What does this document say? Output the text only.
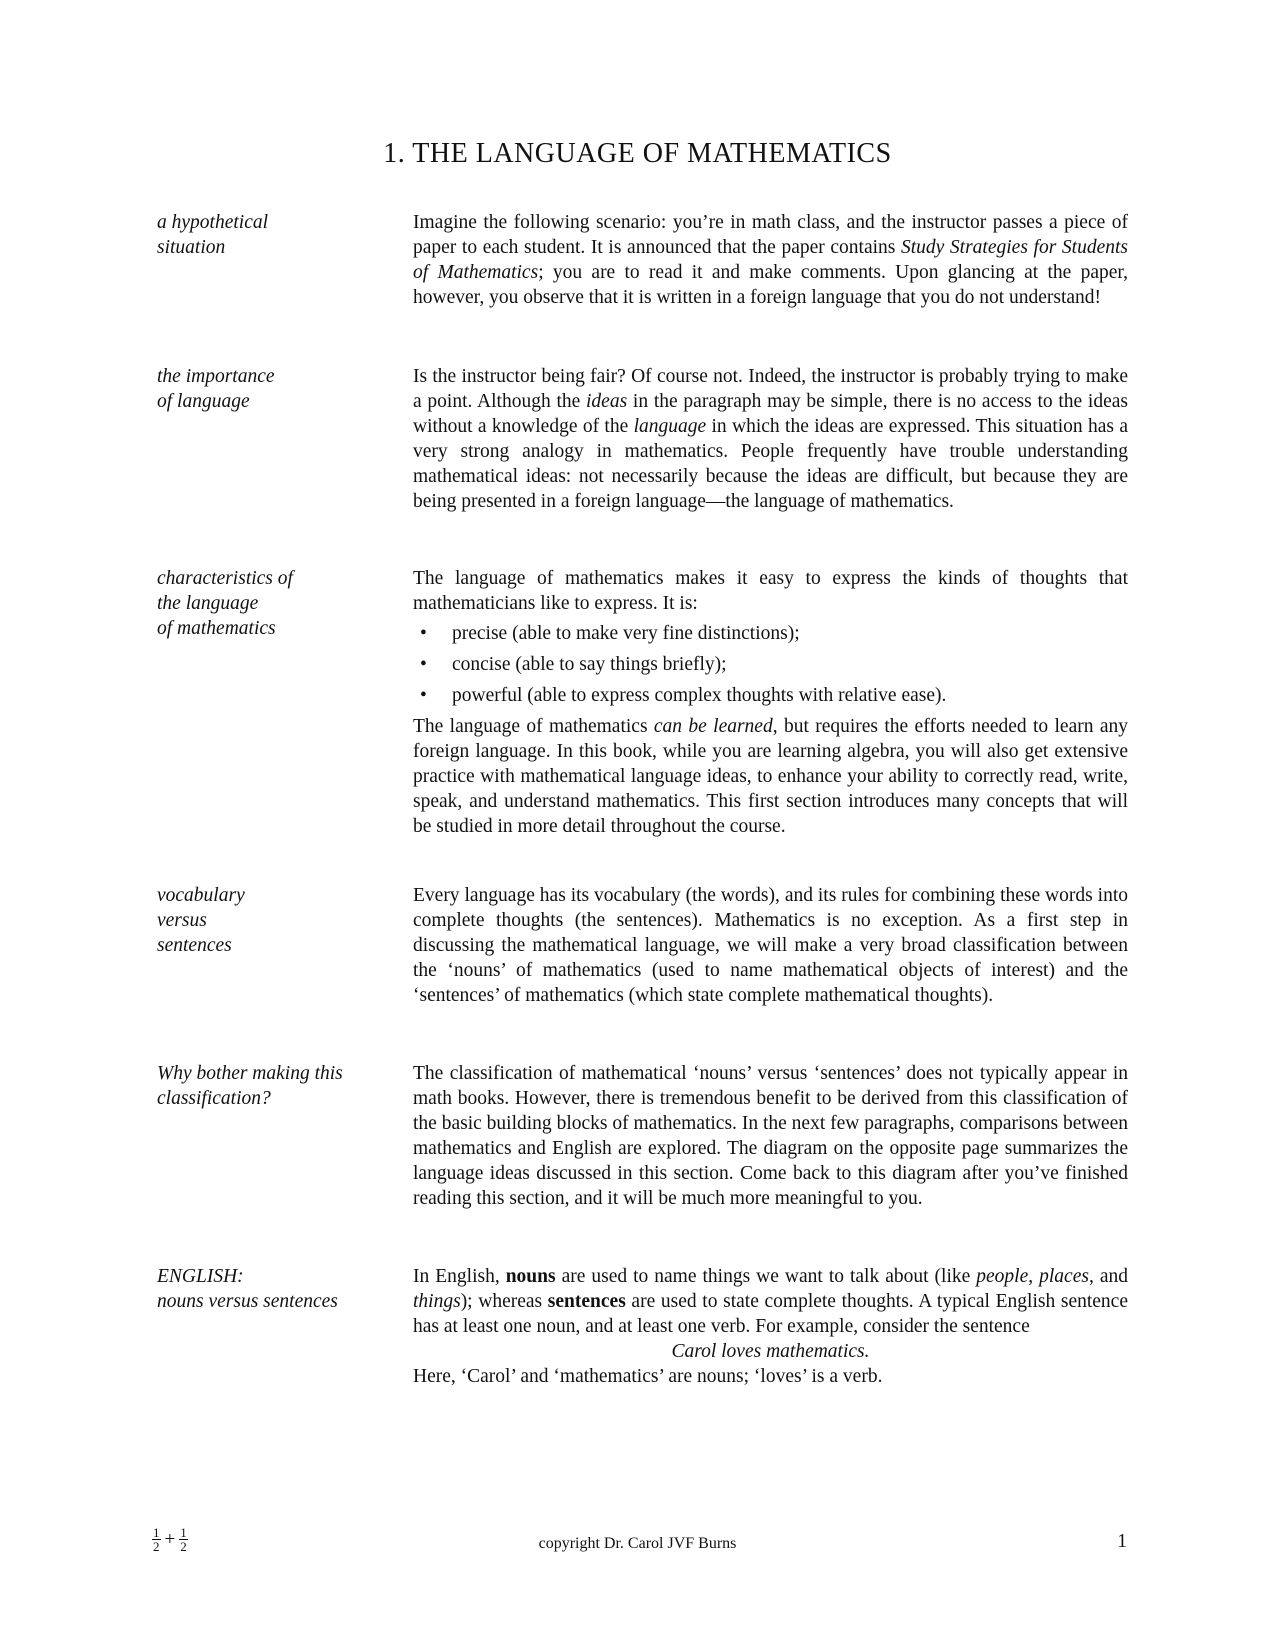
1. THE LANGUAGE OF MATHEMATICS
a hypothetical
situation

Imagine the following scenario: you’re in math class, and the instructor passes a piece of paper to each student. It is announced that the paper contains Study Strategies for Students of Mathematics; you are to read it and make comments. Upon glancing at the paper, however, you observe that it is written in a foreign language that you do not understand!

the importance
of language

Is the instructor being fair? Of course not. Indeed, the instructor is probably trying to make a point. Although the ideas in the paragraph may be simple, there is no access to the ideas without a knowledge of the language in which the ideas are expressed. This situation has a very strong analogy in mathematics. People frequently have trouble understanding mathematical ideas: not necessarily because the ideas are difficult, but because they are being presented in a foreign language—the language of mathematics.

characteristics of
the language
of mathematics

The language of mathematics makes it easy to express the kinds of thoughts that mathematicians like to express. It is:

• precise (able to make very fine distinctions);
• concise (able to say things briefly);
• powerful (able to express complex thoughts with relative ease).

The language of mathematics can be learned, but requires the efforts needed to learn any foreign language. In this book, while you are learning algebra, you will also get extensive practice with mathematical language ideas, to enhance your ability to correctly read, write, speak, and understand mathematics. This first section introduces many concepts that will be studied in more detail throughout the course.

vocabulary
versus
sentences

Every language has its vocabulary (the words), and its rules for combining these words into complete thoughts (the sentences). Mathematics is no exception. As a first step in discussing the mathematical language, we will make a very broad classification between the ‘nouns’ of mathematics (used to name mathematical objects of interest) and the ‘sentences’ of mathematics (which state complete mathematical thoughts).

Why bother making this
classification?

The classification of mathematical ‘nouns’ versus ‘sentences’ does not typically appear in math books. However, there is tremendous benefit to be derived from this classification of the basic building blocks of mathematics. In the next few paragraphs, comparisons between mathematics and English are explored. The diagram on the opposite page summarizes the language ideas discussed in this section. Come back to this diagram after you’ve finished reading this section, and it will be much more meaningful to you.

ENGLISH:
nouns versus sentences

In English, nouns are used to name things we want to talk about (like people, places, and things); whereas sentences are used to state complete thoughts. A typical English sentence has at least one noun, and at least one verb. For example, consider the sentence

Carol loves mathematics.

Here, ‘Carol’ and ‘mathematics’ are nouns; ‘loves’ is a verb.

$\frac{1}{2} + \frac{1}{2}$	copyright Dr. Carol JVF Burns	1
